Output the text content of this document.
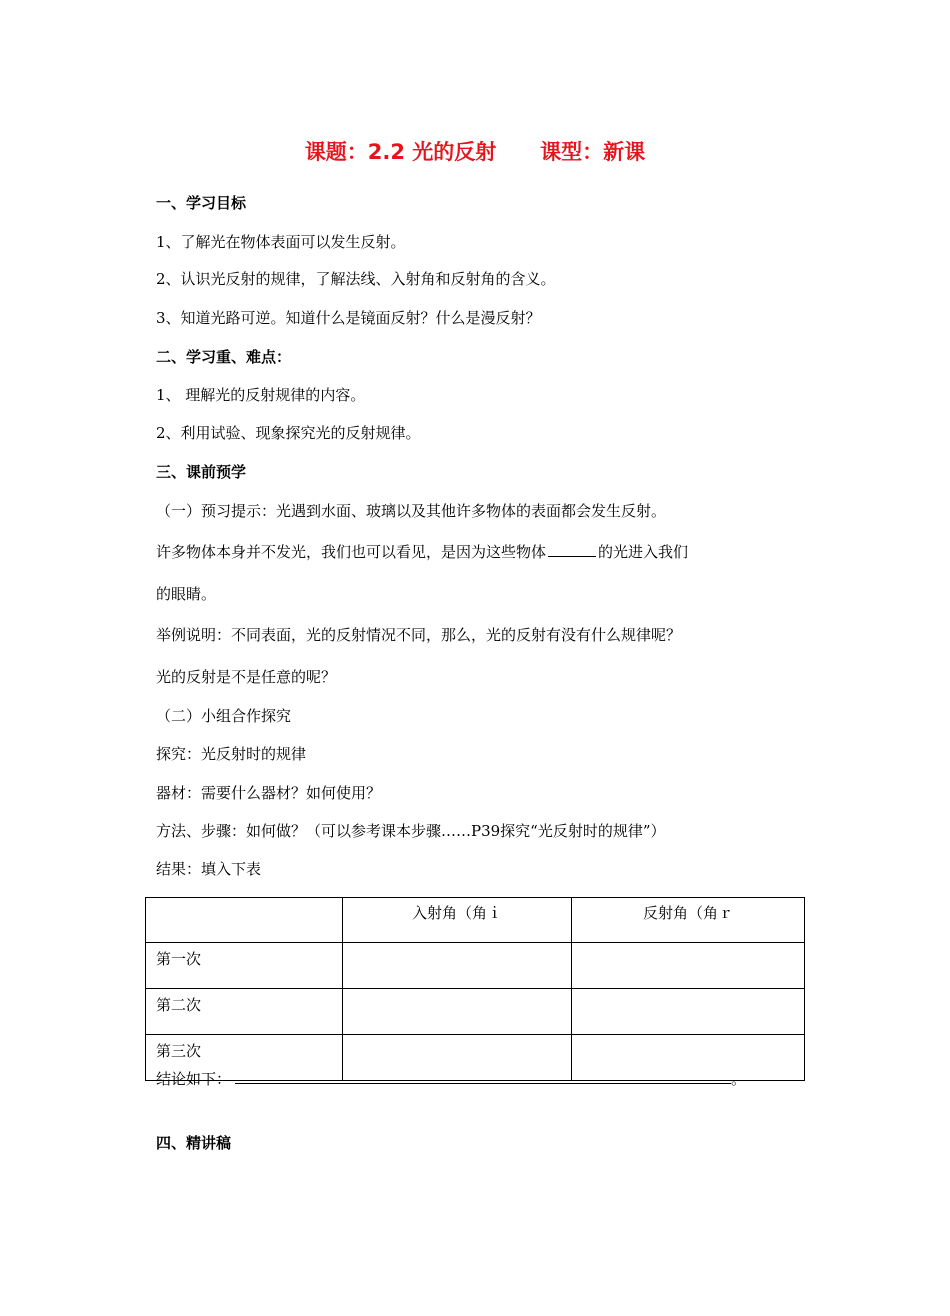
课题：2.2 光的反射      课型：新课
一、学习目标
1、了解光在物体表面可以发生反射。
2、认识光反射的规律，了解法线、入射角和反射角的含义。
3、知道光路可逆。知道什么是镜面反射？什么是漫反射？
二、学习重、难点：
1、 理解光的反射规律的内容。
2、利用试验、现象探究光的反射规律。
三、课前预学
（一）预习提示：光遇到水面、玻璃以及其他许多物体的表面都会发生反射。
许多物体本身并不发光，我们也可以看见，是因为这些物体	的光进入我们
的眼睛。
举例说明：不同表面，光的反射情况不同，那么，光的反射有没有什么规律呢？
光的反射是不是任意的呢？
（二）小组合作探究
探究：光反射时的规律
器材：需要什么器材？如何使用？
方法、步骤：如何做？（可以参考课本步骤……P39探究“光反射时的规律”）
结果：填入下表
	入射角（角ｉ	反射角（角ｒ
第一次		
第二次		
第三次		
结论如下：	。
四、精讲稿
